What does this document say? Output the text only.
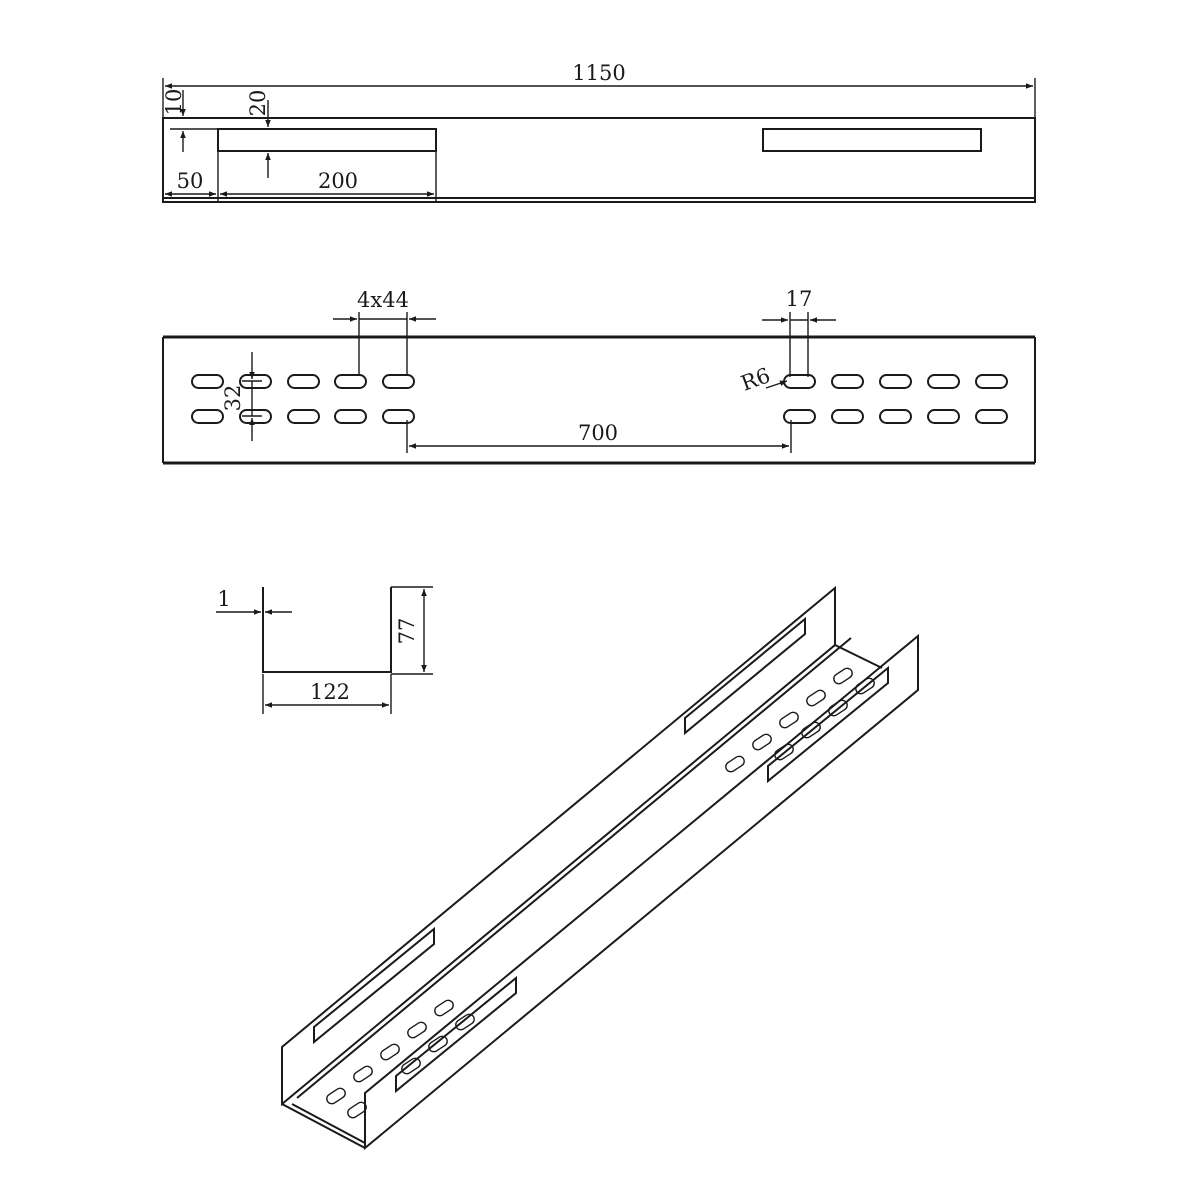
1150
10	20
50	200
4x44	17
R6
32
700
1
77
122
